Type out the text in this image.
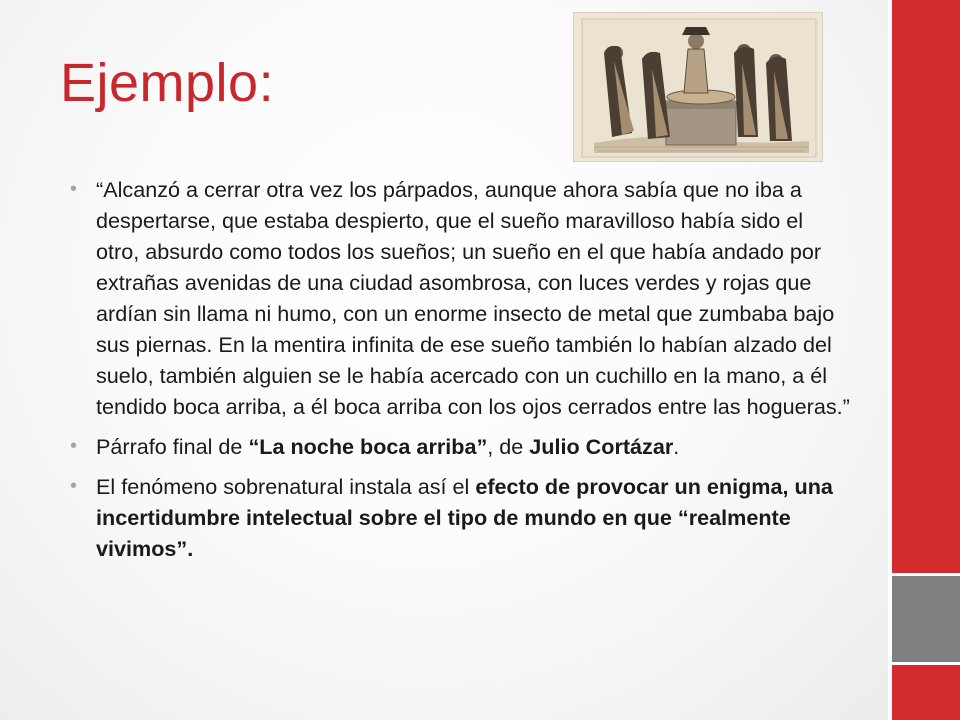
Ejemplo:
• “Alcanzó a cerrar otra vez los párpados, aunque ahora sabía que no iba a despertarse, que estaba despierto, que el sueño maravilloso había sido el otro, absurdo como todos los sueños; un sueño en el que había andado por extrañas avenidas de una ciudad asombrosa, con luces verdes y rojas que ardían sin llama ni humo, con un enorme insecto de metal que zumbaba bajo sus piernas. En la mentira infinita de ese sueño también lo habían alzado del suelo, también alguien se le había acercado con un cuchillo en la mano, a él tendido boca arriba, a él boca arriba con los ojos cerrados entre las hogueras.”
• Párrafo final de “La noche boca arriba”, de Julio Cortázar.
• El fenómeno sobrenatural instala así el efecto de provocar un enigma, una incertidumbre intelectual sobre el tipo de mundo en que “realmente vivimos”.
